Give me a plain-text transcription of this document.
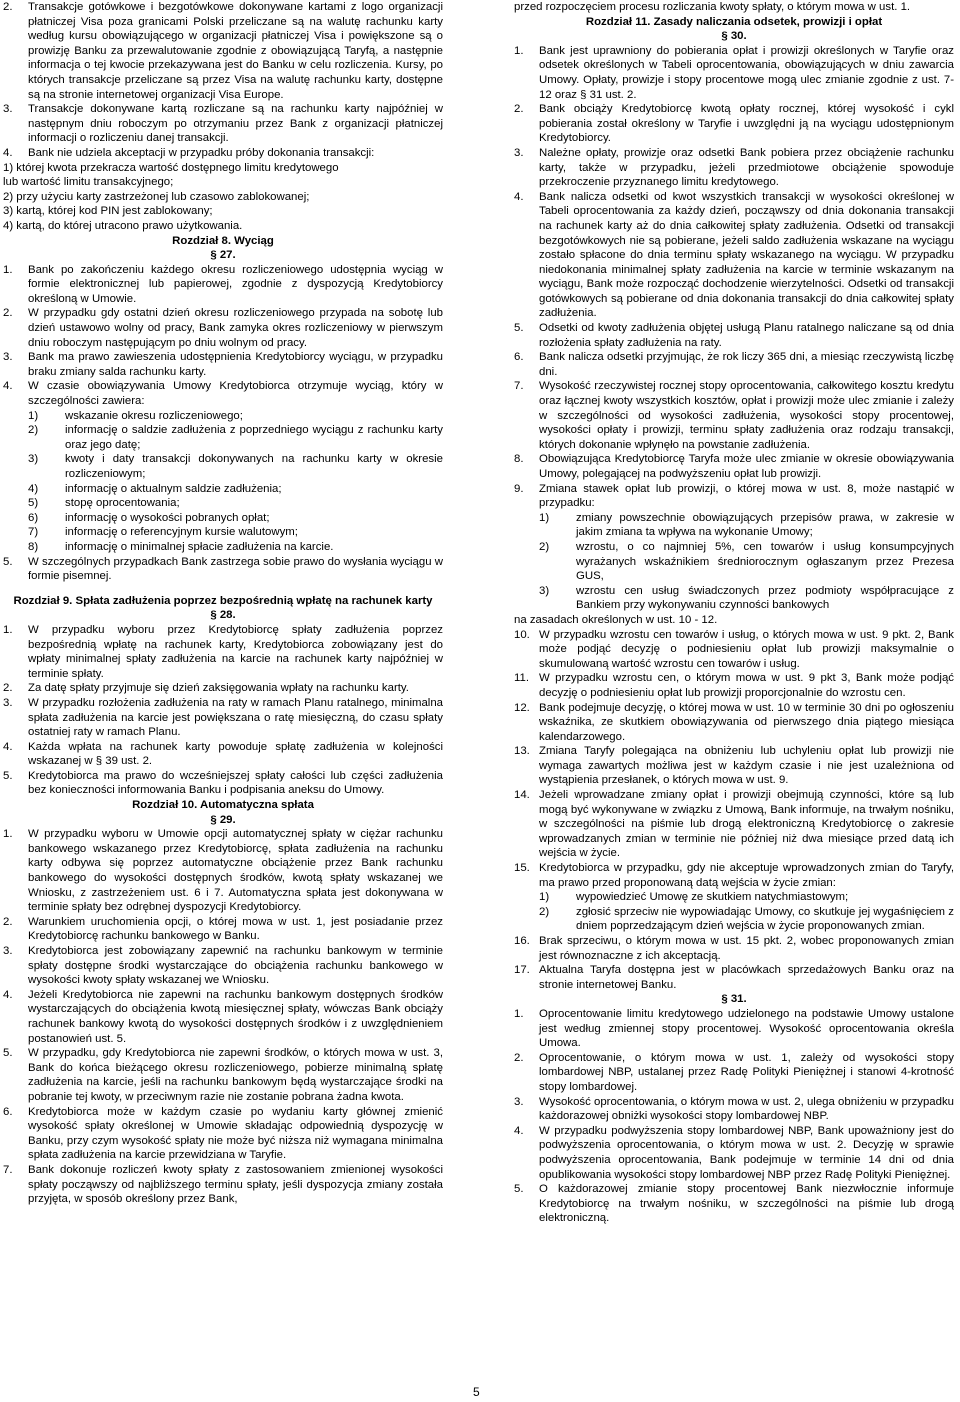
2.	Transakcje gotówkowe i bezgotówkowe dokonywane kartami z logo organizacji płatniczej Visa poza granicami Polski przeliczane są na walutę rachunku karty według kursu obowiązującego w organizacji płatniczej Visa i powiększone są o prowizję Banku za przewalutowanie zgodnie z obowiązującą Taryfą, a następnie informacja o tej kwocie przekazywana jest do Banku w celu rozliczenia. Kursy, po których transakcje przeliczane są przez Visa na walutę rachunku karty, dostępne są na stronie internetowej organizacji Visa Europe.
3.	Transakcje dokonywane kartą rozliczane są na rachunku karty najpóźniej w następnym dniu roboczym po otrzymaniu przez Bank z organizacji płatniczej informacji o rozliczeniu danej transakcji.
4.	Bank nie udziela akceptacji w przypadku próby dokonania transakcji:
1) której kwota przekracza wartość dostępnego limitu kredytowego
lub wartość limitu transakcyjnego;
2) przy użyciu karty zastrzeżonej lub czasowo zablokowanej;
3) kartą, której kod PIN jest zablokowany;
4) kartą, do której utracono prawo użytkowania.
Rozdział 8. Wyciąg
§ 27.
1.	Bank po zakończeniu każdego okresu rozliczeniowego udostępnia wyciąg w formie elektronicznej lub papierowej, zgodnie z dyspozycją Kredytobiorcy określoną w Umowie.
2.	W przypadku gdy ostatni dzień okresu rozliczeniowego przypada na sobotę lub dzień ustawowo wolny od pracy, Bank zamyka okres rozliczeniowy w pierwszym dniu roboczym następującym po dniu wolnym od pracy.
3.	Bank ma prawo zawieszenia udostępnienia Kredytobiorcy wyciągu, w przypadku braku zmiany salda rachunku karty.
4.	W czasie obowiązywania Umowy Kredytobiorca otrzymuje wyciąg, który w szczególności zawiera:
1)	wskazanie okresu rozliczeniowego;
2)	informację o saldzie zadłużenia z poprzedniego wyciągu z rachunku karty oraz jego datę;
3)	kwoty i daty transakcji dokonywanych na rachunku karty w okresie rozliczeniowym;
4)	informację o aktualnym saldzie zadłużenia;
5)	stopę oprocentowania;
6)	informację o wysokości pobranych opłat;
7)	informację o referencyjnym kursie walutowym;
8)	informację o minimalnej spłacie zadłużenia na karcie.
5.	W szczególnych przypadkach Bank zastrzega sobie prawo do wysłania wyciągu w formie pisemnej.
Rozdział 9. Spłata zadłużenia poprzez bezpośrednią wpłatę na rachunek karty
§ 28.
1.	W przypadku wyboru przez Kredytobiorcę spłaty zadłużenia poprzez bezpośrednią wpłatę na rachunek karty, Kredytobiorca zobowiązany jest do wpłaty minimalnej spłaty zadłużenia na karcie na rachunek karty najpóźniej w terminie spłaty.
2.	Za datę spłaty przyjmuje się dzień zaksięgowania wpłaty na rachunku karty.
3.	W przypadku rozłożenia zadłużenia na raty w ramach Planu ratalnego, minimalna spłata zadłużenia na karcie jest powiększana o ratę miesięczną, do czasu spłaty ostatniej raty w ramach Planu.
4.	Każda wpłata na rachunek karty powoduje spłatę zadłużenia w kolejności wskazanej w § 39 ust. 2.
5.	Kredytobiorca ma prawo do wcześniejszej spłaty całości lub części zadłużenia bez konieczności informowania Banku i podpisania aneksu do Umowy.
Rozdział 10. Automatyczna spłata
§ 29.
1.	W przypadku wyboru w Umowie opcji automatycznej spłaty w ciężar rachunku bankowego wskazanego przez Kredytobiorcę, spłata zadłużenia na rachunku karty odbywa się poprzez automatyczne obciążenie przez Bank rachunku bankowego do wysokości dostępnych środków, kwotą spłaty wskazanej we Wniosku, z zastrzeżeniem ust. 6 i 7. Automatyczna spłata jest dokonywana w terminie spłaty bez odrębnej dyspozycji Kredytobiorcy.
2.	Warunkiem uruchomienia opcji, o której mowa w ust. 1, jest posiadanie przez Kredytobiorcę rachunku bankowego w Banku.
3.	Kredytobiorca jest zobowiązany zapewnić na rachunku bankowym w terminie spłaty dostępne środki wystarczające do obciążenia rachunku bankowego w wysokości kwoty spłaty wskazanej we Wniosku.
4.	Jeżeli Kredytobiorca nie zapewni na rachunku bankowym dostępnych środków wystarczających do obciążenia kwotą miesięcznej spłaty, wówczas Bank obciąży rachunek bankowy kwotą do wysokości dostępnych środków i z uwzględnieniem postanowień ust. 5.
5.	W przypadku, gdy Kredytobiorca nie zapewni środków, o których mowa w ust. 3, Bank do końca bieżącego okresu rozliczeniowego, pobierze minimalną spłatę zadłużenia na karcie, jeśli na rachunku bankowym będą wystarczające środki na pobranie tej kwoty, w przeciwnym razie nie zostanie pobrana żadna kwota.
6.	Kredytobiorca może w każdym czasie po wydaniu karty głównej zmienić wysokość spłaty określonej w Umowie składając odpowiednią dyspozycję w Banku, przy czym wysokość spłaty nie może być niższa niż wymagana minimalna spłata zadłużenia na karcie przewidziana w Taryfie.
7.	Bank dokonuje rozliczeń kwoty spłaty z zastosowaniem zmienionej wysokości spłaty począwszy od najbliższego terminu spłaty, jeśli dyspozycja zmiany została przyjęta, w sposób określony przez Bank,
przed rozpoczęciem procesu rozliczania kwoty spłaty, o którym mowa w ust. 1.
Rozdział 11. Zasady naliczania odsetek, prowizji i opłat
§ 30.
1.	Bank jest uprawniony do pobierania opłat i prowizji określonych w Taryfie oraz odsetek określonych w Tabeli oprocentowania, obowiązujących w dniu zawarcia Umowy. Opłaty, prowizje i stopy procentowe mogą ulec zmianie zgodnie z ust. 7-12 oraz § 31 ust. 2.
2.	Bank obciąży Kredytobiorcę kwotą opłaty rocznej, której wysokość i cykl pobierania został określony w Taryfie i uwzględni ją na wyciągu udostępnionym Kredytobiorcy.
3.	Należne opłaty, prowizje oraz odsetki Bank pobiera przez obciążenie rachunku karty, także w przypadku, jeżeli przedmiotowe obciążenie spowoduje przekroczenie przyznanego limitu kredytowego.
4.	Bank nalicza odsetki od kwot wszystkich transakcji w wysokości określonej w Tabeli oprocentowania za każdy dzień, począwszy od dnia dokonania transakcji na rachunek karty aż do dnia całkowitej spłaty zadłużenia. Odsetki od transakcji bezgotówkowych nie są pobierane, jeżeli saldo zadłużenia wskazane na wyciągu zostało spłacone do dnia terminu spłaty wskazanego na wyciągu. W przypadku niedokonania minimalnej spłaty zadłużenia na karcie w terminie wskazanym na wyciągu, Bank może rozpocząć dochodzenie wierzytelności. Odsetki od transakcji gotówkowych są pobierane od dnia dokonania transakcji do dnia całkowitej spłaty zadłużenia.
5.	Odsetki od kwoty zadłużenia objętej usługą Planu ratalnego naliczane są od dnia rozłożenia spłaty zadłużenia na raty.
6.	Bank nalicza odsetki przyjmując, że rok liczy 365 dni, a miesiąc rzeczywistą liczbę dni.
7.	Wysokość rzeczywistej rocznej stopy oprocentowania, całkowitego kosztu kredytu oraz łącznej kwoty wszystkich kosztów, opłat i prowizji może ulec zmianie i zależy w szczególności od wysokości zadłużenia, wysokości stopy procentowej, wysokości opłaty i prowizji, terminu spłaty zadłużenia oraz rodzaju transakcji, których dokonanie wpłynęło na powstanie zadłużenia.
8.	Obowiązująca Kredytobiorcę Taryfa może ulec zmianie w okresie obowiązywania Umowy, polegającej na podwyższeniu opłat lub prowizji.
9.	Zmiana stawek opłat lub prowizji, o której mowa w ust. 8, może nastąpić w przypadku:
1)	zmiany powszechnie obowiązujących przepisów prawa, w zakresie w jakim zmiana ta wpływa na wykonanie Umowy;
2)	wzrostu, o co najmniej 5%, cen towarów i usług konsumpcyjnych wyrażanych wskaźnikiem średniorocznym ogłaszanym przez Prezesa GUS,
3)	wzrostu cen usług świadczonych przez podmioty współpracujące z Bankiem przy wykonywaniu czynności bankowych
na zasadach określonych w ust. 10 - 12.
10. W przypadku wzrostu cen towarów i usług, o których mowa w ust. 9 pkt. 2, Bank może podjąć decyzję o podniesieniu opłat lub prowizji maksymalnie o skumulowaną wartość wzrostu cen towarów i usług.
11. W przypadku wzrostu cen, o którym mowa w ust. 9 pkt 3, Bank może podjąć decyzję o podniesieniu opłat lub prowizji proporcjonalnie do wzrostu cen.
12. Bank podejmuje decyzję, o której mowa w ust. 10 w terminie 30 dni po ogłoszeniu wskaźnika, ze skutkiem obowiązywania od pierwszego dnia piątego miesiąca kalendarzowego.
13. Zmiana Taryfy polegająca na obniżeniu lub uchyleniu opłat lub prowizji nie wymaga zawartych możliwa jest w każdym czasie i nie jest uzależniona od wystąpienia przesłanek, o których mowa w ust. 9.
14. Jeżeli wprowadzane zmiany opłat i prowizji obejmują czynności, które są lub mogą być wykonywane w związku z Umową, Bank informuje, na trwałym nośniku, w szczególności na piśmie lub drogą elektroniczną Kredytobiorcę o zakresie wprowadzanych zmian w terminie nie później niż dwa miesiące przed datą ich wejścia w życie.
15. Kredytobiorca w przypadku, gdy nie akceptuje wprowadzonych zmian do Taryfy, ma prawo przed proponowaną datą wejścia w życie zmian:
1)	wypowiedzieć Umowę ze skutkiem natychmiastowym;
2)	zgłosić sprzeciw nie wypowiadając Umowy, co skutkuje jej wygaśnięciem z dniem poprzedzającym dzień wejścia w życie proponowanych zmian.
16. Brak sprzeciwu, o którym mowa w ust. 15 pkt. 2, wobec proponowanych zmian jest równoznaczne z ich akceptacją.
17. Aktualna Taryfa dostępna jest w placówkach sprzedażowych Banku oraz na stronie internetowej Banku.
§ 31.
1.	Oprocentowanie limitu kredytowego udzielonego na podstawie Umowy ustalone jest według zmiennej stopy procentowej. Wysokość oprocentowania określa Umowa.
2.	Oprocentowanie, o którym mowa w ust. 1, zależy od wysokości stopy lombardowej NBP, ustalanej przez Radę Polityki Pieniężnej i stanowi 4-krotność stopy lombardowej.
3.	Wysokość oprocentowania, o którym mowa w ust. 2, ulega obniżeniu w przypadku każdorazowej obniżki wysokości stopy lombardowej NBP.
4.	W przypadku podwyższenia stopy lombardowej NBP, Bank upoważniony jest do podwyższenia oprocentowania, o którym mowa w ust. 2. Decyzję w sprawie podwyższenia oprocentowania, Bank podejmuje w terminie 14 dni od dnia opublikowania wysokości stopy lombardowej NBP przez Radę Polityki Pieniężnej.
5.	O każdorazowej zmianie stopy procentowej Bank niezwłocznie informuje Kredytobiorcę na trwałym nośniku, w szczególności na piśmie lub drogą elektroniczną.
5
